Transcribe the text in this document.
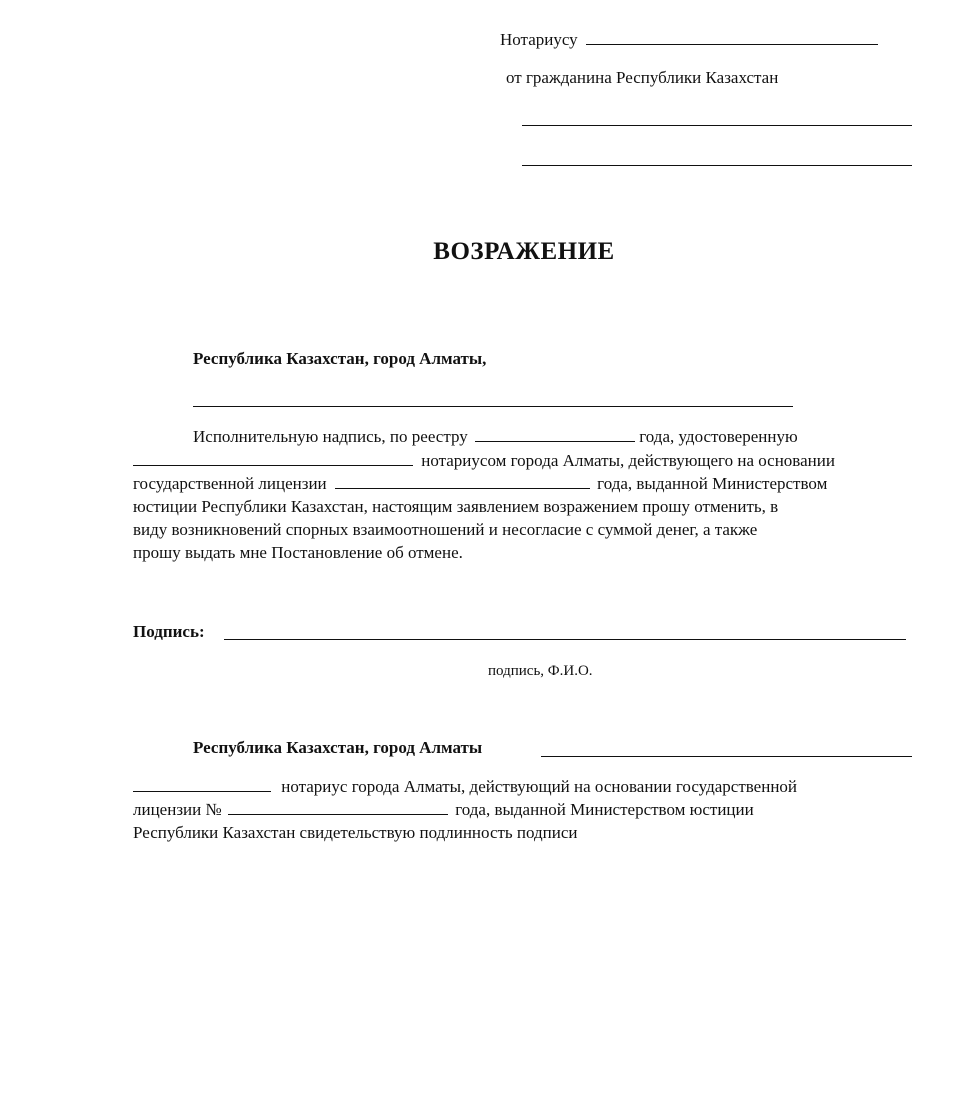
Нотариусу
от гражданина Республики Казахстан
ВОЗРАЖЕНИЕ
Республика Казахстан, город Алматы,
Исполнительную надпись, по реестру	года, удостоверенную
нотариусом города Алматы, действующего на основании
государственной лицензии	года, выданной Министерством
юстиции Республики Казахстан, настоящим заявлением возражением прошу отменить, в
виду возникновений спорных взаимоотношений и несогласие с суммой денег, а также
прошу выдать мне Постановление об отмене.
Подпись:
подпись, Ф.И.О.
Республика Казахстан, город Алматы
нотариус города Алматы, действующий на основании государственной
лицензии №	года, выданной Министерством юстиции
Республики Казахстан свидетельствую подлинность подписи
